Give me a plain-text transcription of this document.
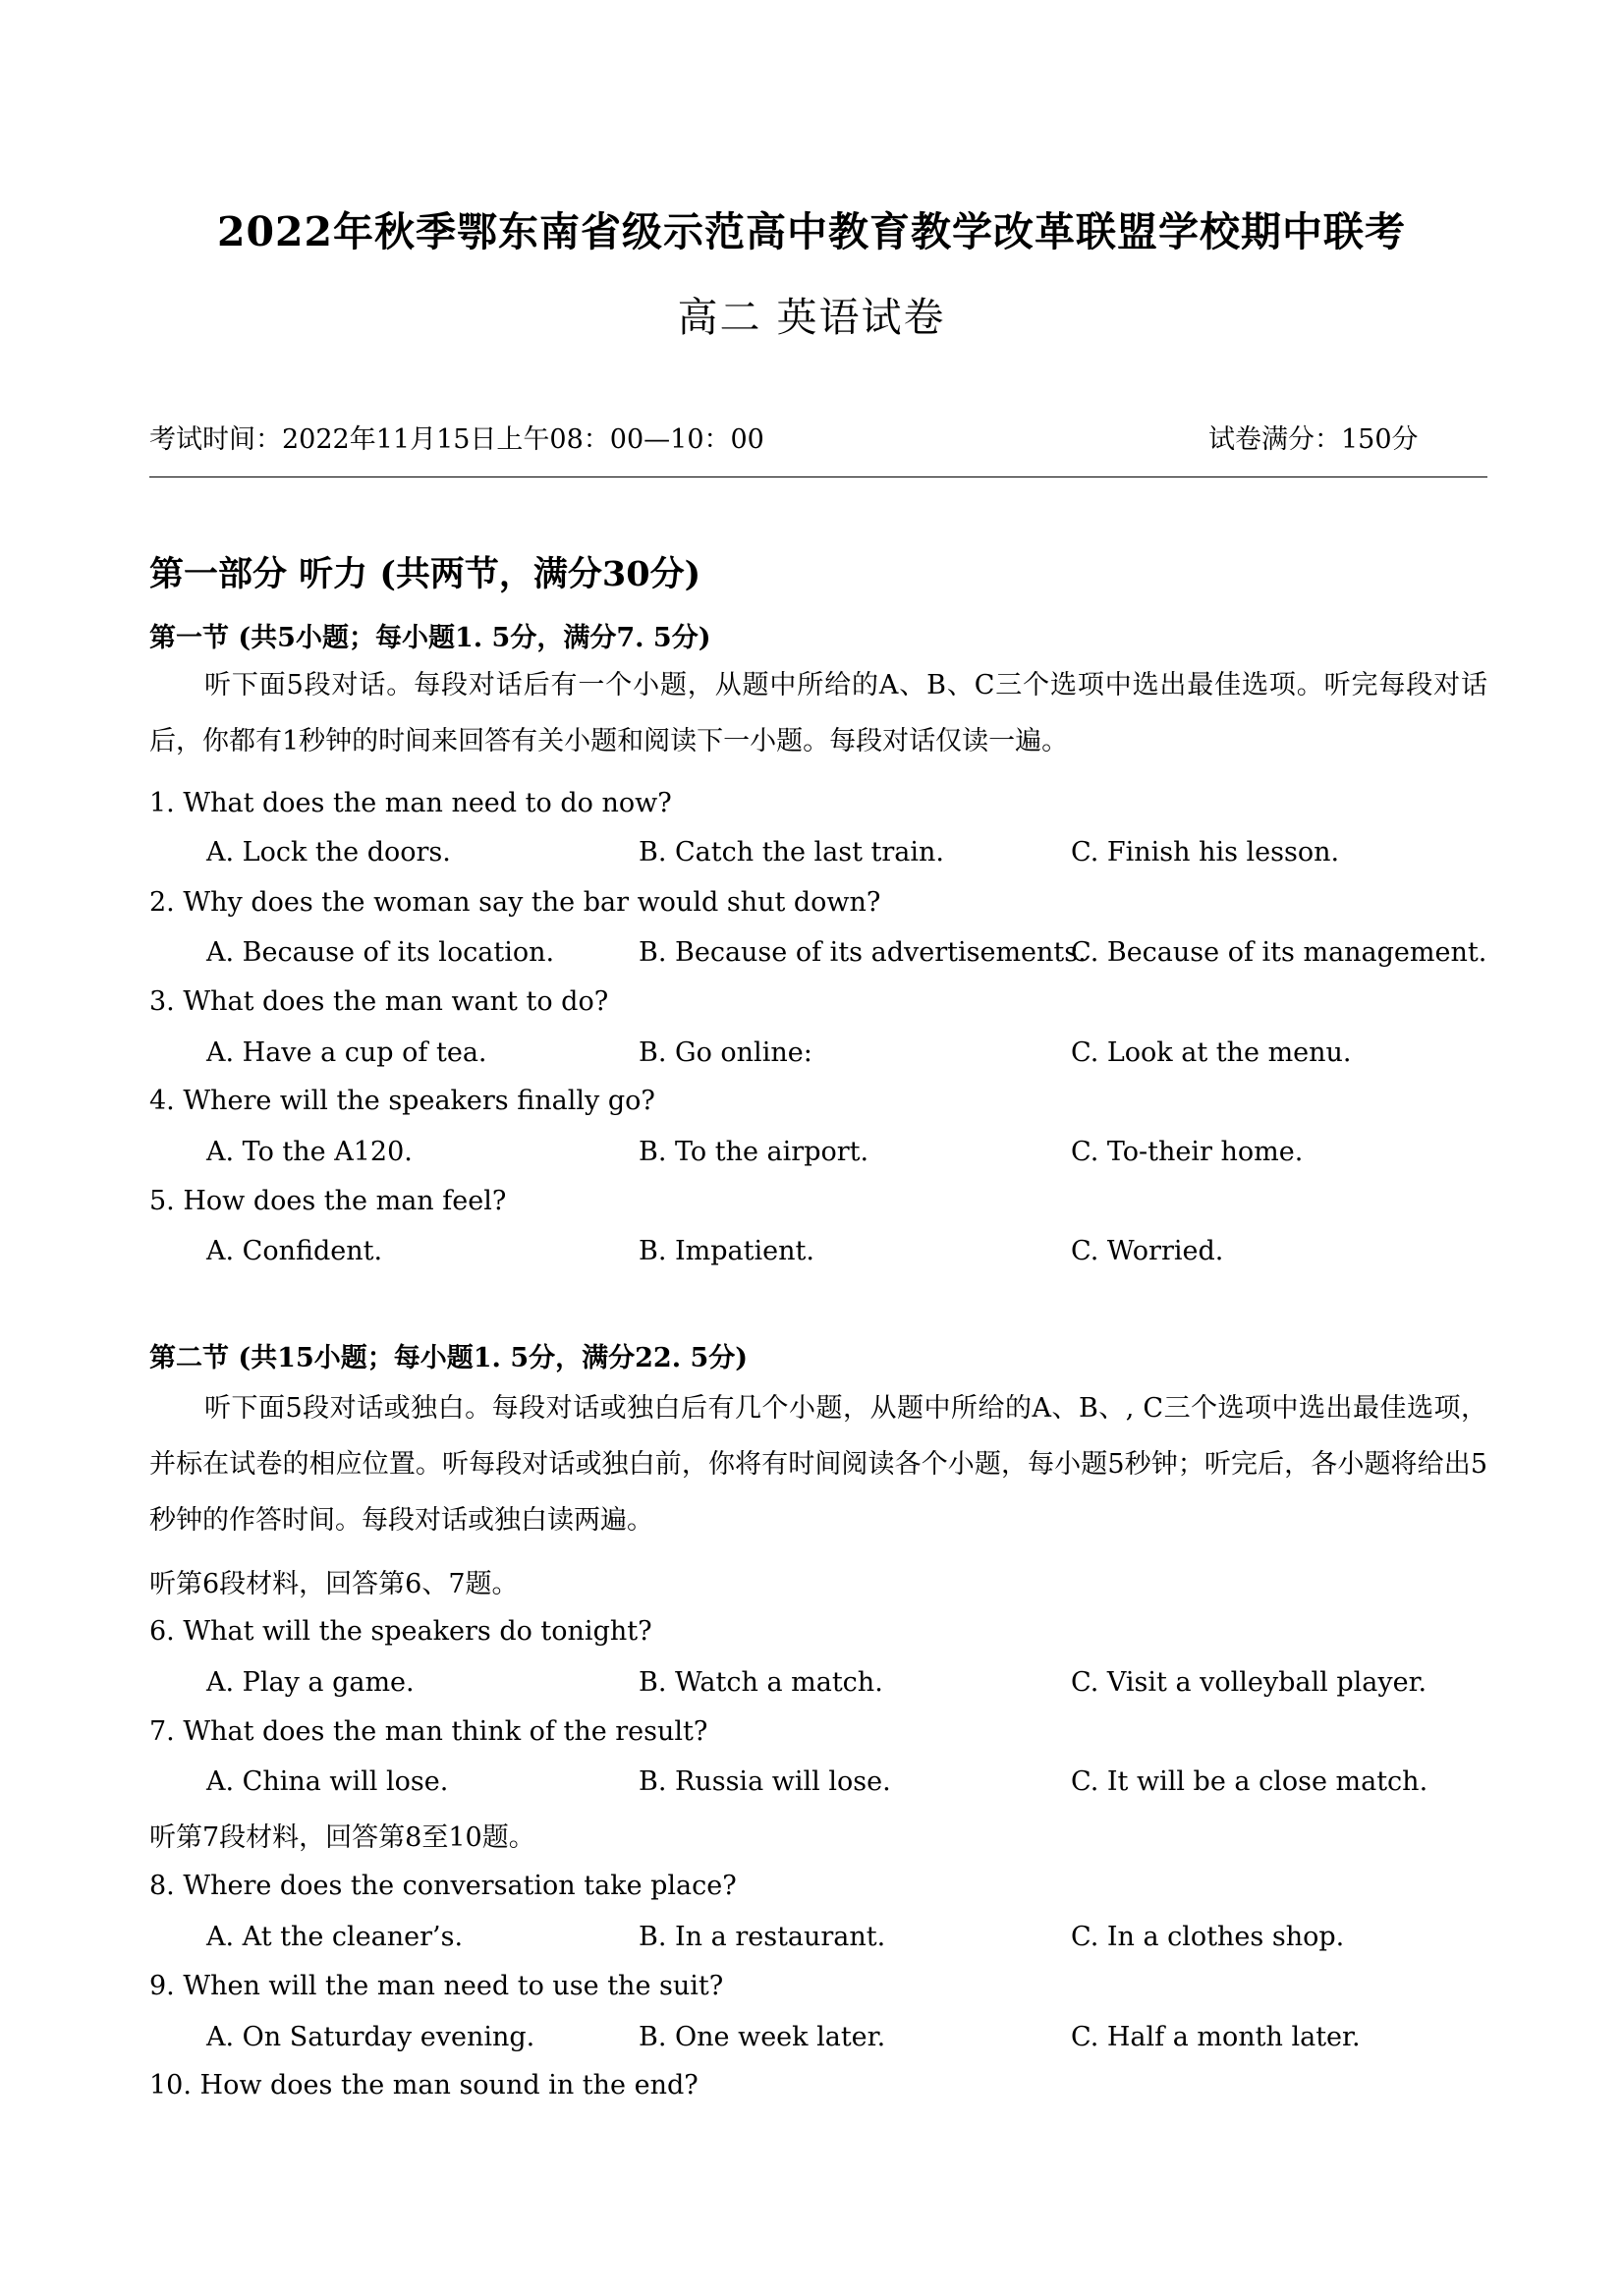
2022年秋季鄂东南省级示范高中教育教学改革联盟学校期中联考
高二 英语试卷
考试时间：2022年11月15日上午08：00—10：00	试卷满分：150分
第一部分 听力 (共两节，满分30分)
第一节 (共5小题；每小题1. 5分，满分7. 5分)
听下面5段对话。每段对话后有一个小题，从题中所给的A、B、C三个选项中选出最佳选项。听完每段对话后，你都有1秒钟的时间来回答有关小题和阅读下一小题。每段对话仅读一遍。
1. What does the man need to do now?
A. Lock the doors.	B. Catch the last train.	C. Finish his lesson.
2. Why does the woman say the bar would shut down?
A. Because of its location.	B. Because of its advertisements.
C. Because of its management.
3. What does the man want to do?
A. Have a cup of tea.	B. Go online:	C. Look at the menu.
4. Where will the speakers finally go?
A. To the A120.	B. To the airport.	C. To-their home.
5. How does the man feel?
A. Confident.	B. Impatient.	C. Worried.
第二节 (共15小题；每小题1. 5分，满分22. 5分)
听下面5段对话或独白。每段对话或独白后有几个小题，从题中所给的A、B、, C三个选项中选出最佳选项，并标在试卷的相应位置。听每段对话或独白前，你将有时间阅读各个小题，每小题5秒钟；听完后，各小题将给出5秒钟的作答时间。每段对话或独白读两遍。
听第6段材料，回答第6、7题。
6. What will the speakers do tonight?
A. Play a game.	B. Watch a match.	C. Visit a volleyball player.
7. What does the man think of the result?
A. China will lose.	B. Russia will lose.	C. It will be a close match.
听第7段材料，回答第8至10题。
8. Where does the conversation take place?
A. At the cleaner’s.	B. In a restaurant.	C. In a clothes shop.
9. When will the man need to use the suit?
A. On Saturday evening.	B. One week later.	C. Half a month later.
10. How does the man sound in the end?
